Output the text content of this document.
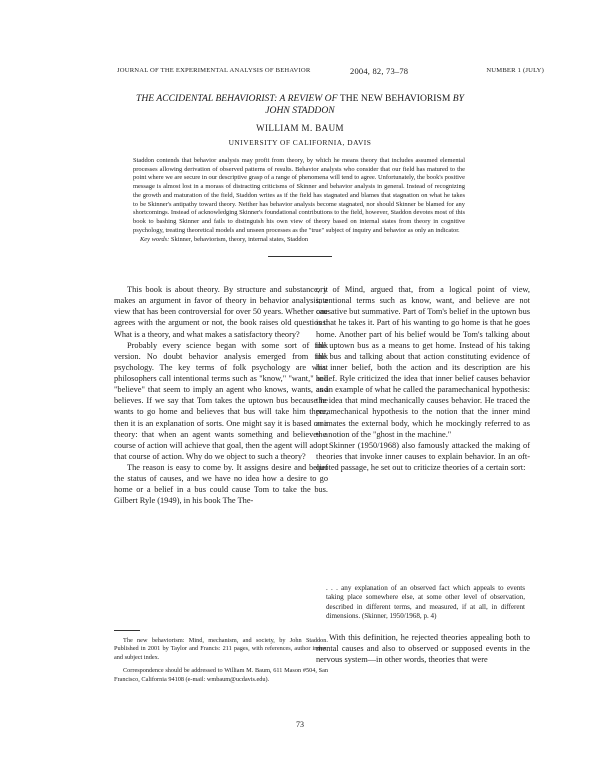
JOURNAL OF THE EXPERIMENTAL ANALYSIS OF BEHAVIOR	2004, 82, 73–78	NUMBER 1 (JULY)
THE ACCIDENTAL BEHAVIORIST: A REVIEW OF THE NEW BEHAVIORISM BY
JOHN STADDON
WILLIAM M. BAUM
UNIVERSITY OF CALIFORNIA, DAVIS
Staddon contends that behavior analysis may profit from theory, by which he means theory that includes assumed elemental processes allowing derivation of observed patterns of results. Behavior analysts who consider that our field has matured to the point where we are secure in our descriptive grasp of a range of phenomena will tend to agree. Unfortunately, the book's positive message is almost lost in a morass of distracting criticisms of Skinner and behavior analysis in general. Instead of recognizing the growth and maturation of the field, Staddon writes as if the field has stagnated and blames that stagnation on what he takes to be Skinner's antipathy toward theory. Neither has behavior analysis become stagnated, nor should Skinner be blamed for any shortcomings. Instead of acknowledging Skinner's foundational contributions to the field, however, Staddon devotes most of this book to bashing Skinner and fails to distinguish his own view of theory based on internal states from theory in cognitive psychology, treating theoretical models and unseen processes as the "true" subject of inquiry and behavior as only an indicator.
Key words: Skinner, behaviorism, theory, internal states, Staddon

This book is about theory. By structure and substance, it makes an argument in favor of theory in behavior analysis, a view that has been controversial for over 50 years. Whether one agrees with the argument or not, the book raises old questions: What is a theory, and what makes a satisfactory theory?

Probably every science began with some sort of folk version. No doubt behavior analysis emerged from folk psychology. The key terms of folk psychology are what philosophers call intentional terms such as "know," "want," and "believe" that seem to imply an agent who knows, wants, and believes. If we say that Tom takes the uptown bus because he wants to go home and believes that bus will take him there, then it is an explanation of sorts. One might say it is based on a theory: that when an agent wants something and believes a course of action will achieve that goal, then the agent will adopt that course of action. Why do we object to such a theory?

The reason is easy to come by. It assigns desire and belief the status of causes, and we have no idea how a desire to go home or a belief in a bus could cause Tom to take the bus. Gilbert Ryle (1949), in his book The The-

The new behaviorism: Mind, mechanism, and society, by John Staddon. Published in 2001 by Taylor and Francis: 211 pages, with references, author index, and subject index.

Correspondence should be addressed to William M. Baum, 611 Mason #504, San Francisco, California 94108 (e-mail: wmbaum@ucdavis.edu).

ory of Mind, argued that, from a logical point of view, intentional terms such as know, want, and believe are not causative but summative. Part of Tom's belief in the uptown bus is that he takes it. Part of his wanting to go home is that he goes home. Another part of his belief would be Tom's talking about the uptown bus as a means to get home. Instead of his taking the bus and talking about that action constituting evidence of his inner belief, both the action and its description are his belief. Ryle criticized the idea that inner belief causes behavior as an example of what he called the paramechanical hypothesis: the idea that mind mechanically causes behavior. He traced the paramechanical hypothesis to the notion that the inner mind animates the external body, which he mockingly referred to as the notion of the "ghost in the machine."

Skinner (1950/1968) also famously attacked the making of theories that invoke inner causes to explain behavior. In an oft-quoted passage, he set out to criticize theories of a certain sort:

. . . any explanation of an observed fact which appeals to events taking place somewhere else, at some other level of observation, described in different terms, and measured, if at all, in different dimensions. (Skinner, 1950/1968, p. 4)

With this definition, he rejected theories appealing both to mental causes and also to observed or supposed events in the nervous system—in other words, theories that were

73
